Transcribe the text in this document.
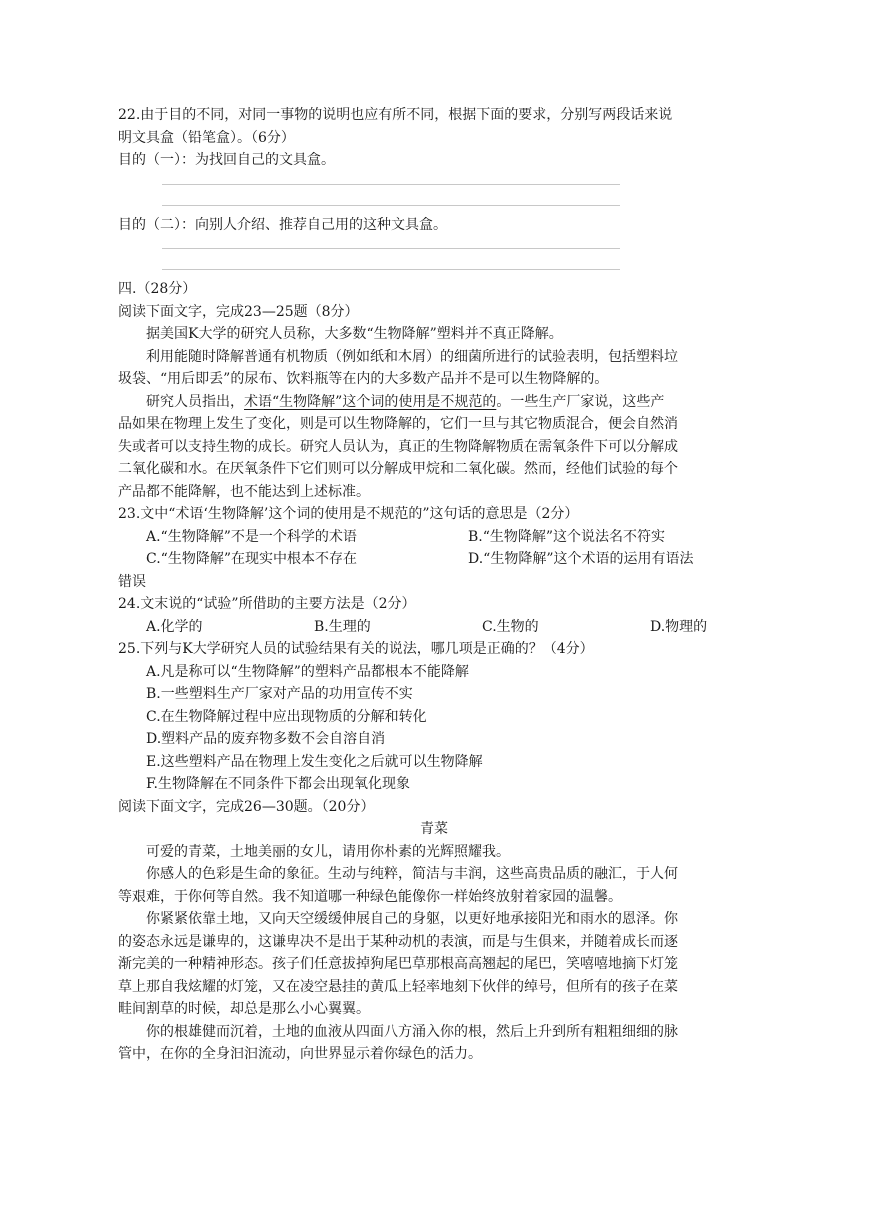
22.由于目的不同，对同一事物的说明也应有所不同，根据下面的要求，分别写两段话来说
明文具盒（铅笔盒）。（6分）
目的（一）：为找回自己的文具盒。
目的（二）：向别人介绍、推荐自己用的这种文具盒。
四.（28分）
阅读下面文字，完成23—25题（8分）
据美国K大学的研究人员称，大多数“生物降解”塑料并不真正降解。
利用能随时降解普通有机物质（例如纸和木屑）的细菌所进行的试验表明，包括塑料垃
圾袋、“用后即丢”的尿布、饮料瓶等在内的大多数产品并不是可以生物降解的。
研究人员指出，术语“生物降解”这个词的使用是不规范的。一些生产厂家说，这些产
品如果在物理上发生了变化，则是可以生物降解的，它们一旦与其它物质混合，便会自然消
失或者可以支持生物的成长。研究人员认为，真正的生物降解物质在需氧条件下可以分解成
二氧化碳和水。在厌氧条件下它们则可以分解成甲烷和二氧化碳。然而，经他们试验的每个
产品都不能降解，也不能达到上述标准。
23.文中“术语‘生物降解’这个词的使用是不规范的”这句话的意思是（2分）
A.“生物降解”不是一个科学的术语	B.“生物降解”这个说法名不符实
C.“生物降解”在现实中根本不存在	D.“生物降解”这个术语的运用有语法
错误
24.文末说的“试验”所借助的主要方法是（2分）
A.化学的	B.生理的	C.生物的	D.物理的
25.下列与K大学研究人员的试验结果有关的说法，哪几项是正确的？（4分）
A.凡是称可以“生物降解”的塑料产品都根本不能降解
B.一些塑料生产厂家对产品的功用宣传不实
C.在生物降解过程中应出现物质的分解和转化
D.塑料产品的废弃物多数不会自溶自消
E.这些塑料产品在物理上发生变化之后就可以生物降解
F.生物降解在不同条件下都会出现氧化现象
阅读下面文字，完成26—30题。（20分）
青菜
可爱的青菜，土地美丽的女儿，请用你朴素的光辉照耀我。
你感人的色彩是生命的象征。生动与纯粹，简洁与丰润，这些高贵品质的融汇，于人何
等艰难，于你何等自然。我不知道哪一种绿色能像你一样始终放射着家园的温馨。
你紧紧依靠土地，又向天空缓缓伸展自己的身躯，以更好地承接阳光和雨水的恩泽。你
的姿态永远是谦卑的，这谦卑决不是出于某种动机的表演，而是与生俱来，并随着成长而逐
渐完美的一种精神形态。孩子们任意拔掉狗尾巴草那根高高翘起的尾巴，笑嘻嘻地摘下灯笼
草上那自我炫耀的灯笼，又在凌空悬挂的黄瓜上轻率地刻下伙伴的绰号，但所有的孩子在菜
畦间割草的时候，却总是那么小心翼翼。
你的根雄健而沉着，土地的血液从四面八方涌入你的根，然后上升到所有粗粗细细的脉
管中，在你的全身汩汩流动，向世界显示着你绿色的活力。
